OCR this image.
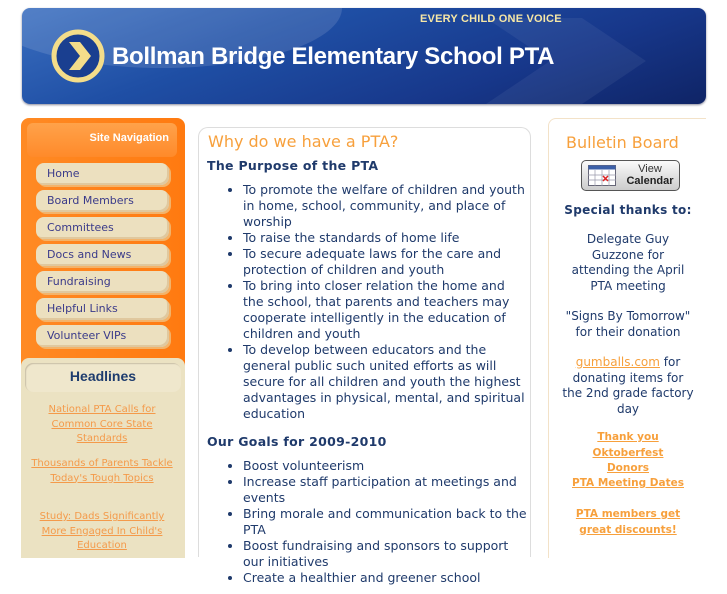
EVERY CHILD ONE VOICE
Bollman Bridge Elementary School PTA
Site Navigation
Home
Board Members
Committees
Docs and News
Fundraising
Helpful Links
Volunteer VIPs
Headlines
National PTA Calls for Common Core State Standards
Thousands of Parents Tackle Today's Tough Topics
Study: Dads Significantly More Engaged In Child's Education
Why do we have a PTA?
The Purpose of the PTA
• To promote the welfare of children and youth in home, school, community, and place of worship
• To raise the standards of home life
• To secure adequate laws for the care and protection of children and youth
• To bring into closer relation the home and the school, that parents and teachers may cooperate intelligently in the education of children and youth
• To develop between educators and the general public such united efforts as will secure for all children and youth the highest advantages in physical, mental, and spiritual education
Our Goals for 2009-2010
• Boost volunteerism
• Increase staff participation at meetings and events
• Bring morale and communication back to the PTA
• Boost fundraising and sponsors to support our initiatives
• Create a healthier and greener school
Bulletin Board
View
Calendar
Special thanks to:
Delegate Guy Guzzone for attending the April PTA meeting
"Signs By Tomorrow" for their donation
gumballs.com for donating items for the 2nd grade factory day
Thank you Oktoberfest Donors
PTA Meeting Dates
PTA members get great discounts!
